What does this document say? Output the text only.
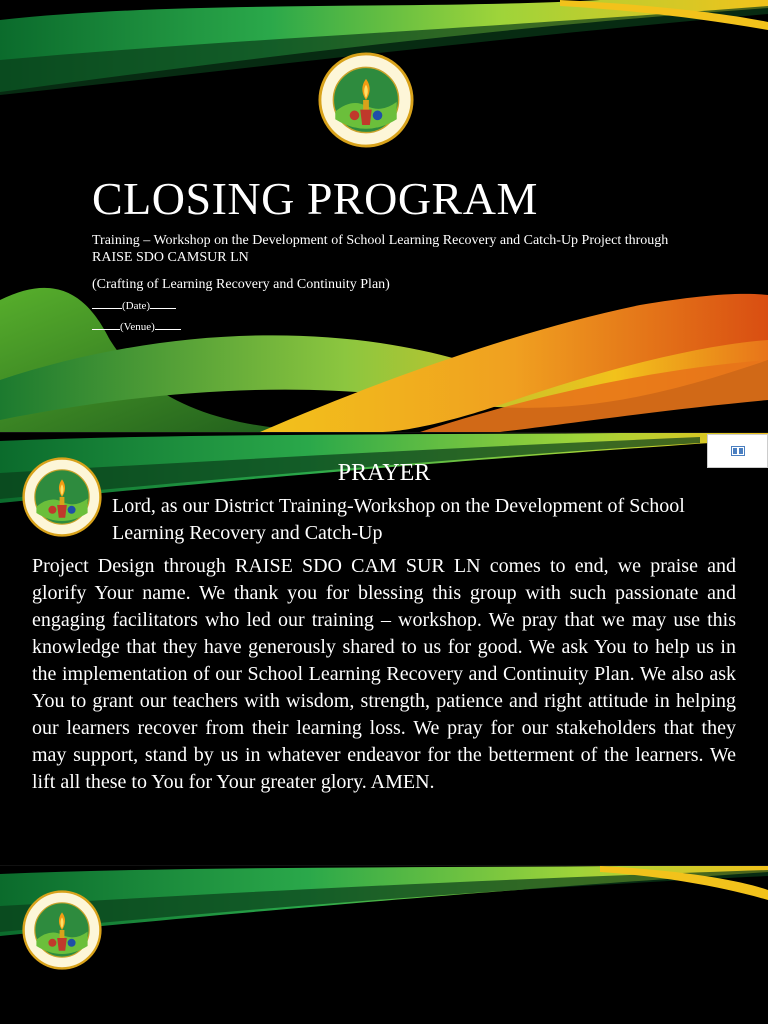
CLOSING PROGRAM
Training – Workshop on the Development of School Learning Recovery and Catch-Up Project through RAISE SDO CAMSUR LN
(Crafting of Learning Recovery and Continuity Plan)
(Date)
(Venue)
PRAYER
Lord, as our District Training-Workshop on the Development of School Learning Recovery and Catch-Up
Project Design through RAISE SDO CAM SUR LN comes to end, we praise and glorify Your name. We thank you for blessing this group with such passionate and engaging facilitators who led our training – workshop. We pray that we may use this knowledge that they have generously shared to us for good. We ask You to help us in the implementation of our School Learning Recovery and Continuity Plan. We also ask You to grant our teachers with wisdom, strength, patience and right attitude in helping our learners recover from their learning loss. We pray for our stakeholders that they may support, stand by us in whatever endeavor for the betterment of the learners. We lift all these to You for Your greater glory. AMEN.
